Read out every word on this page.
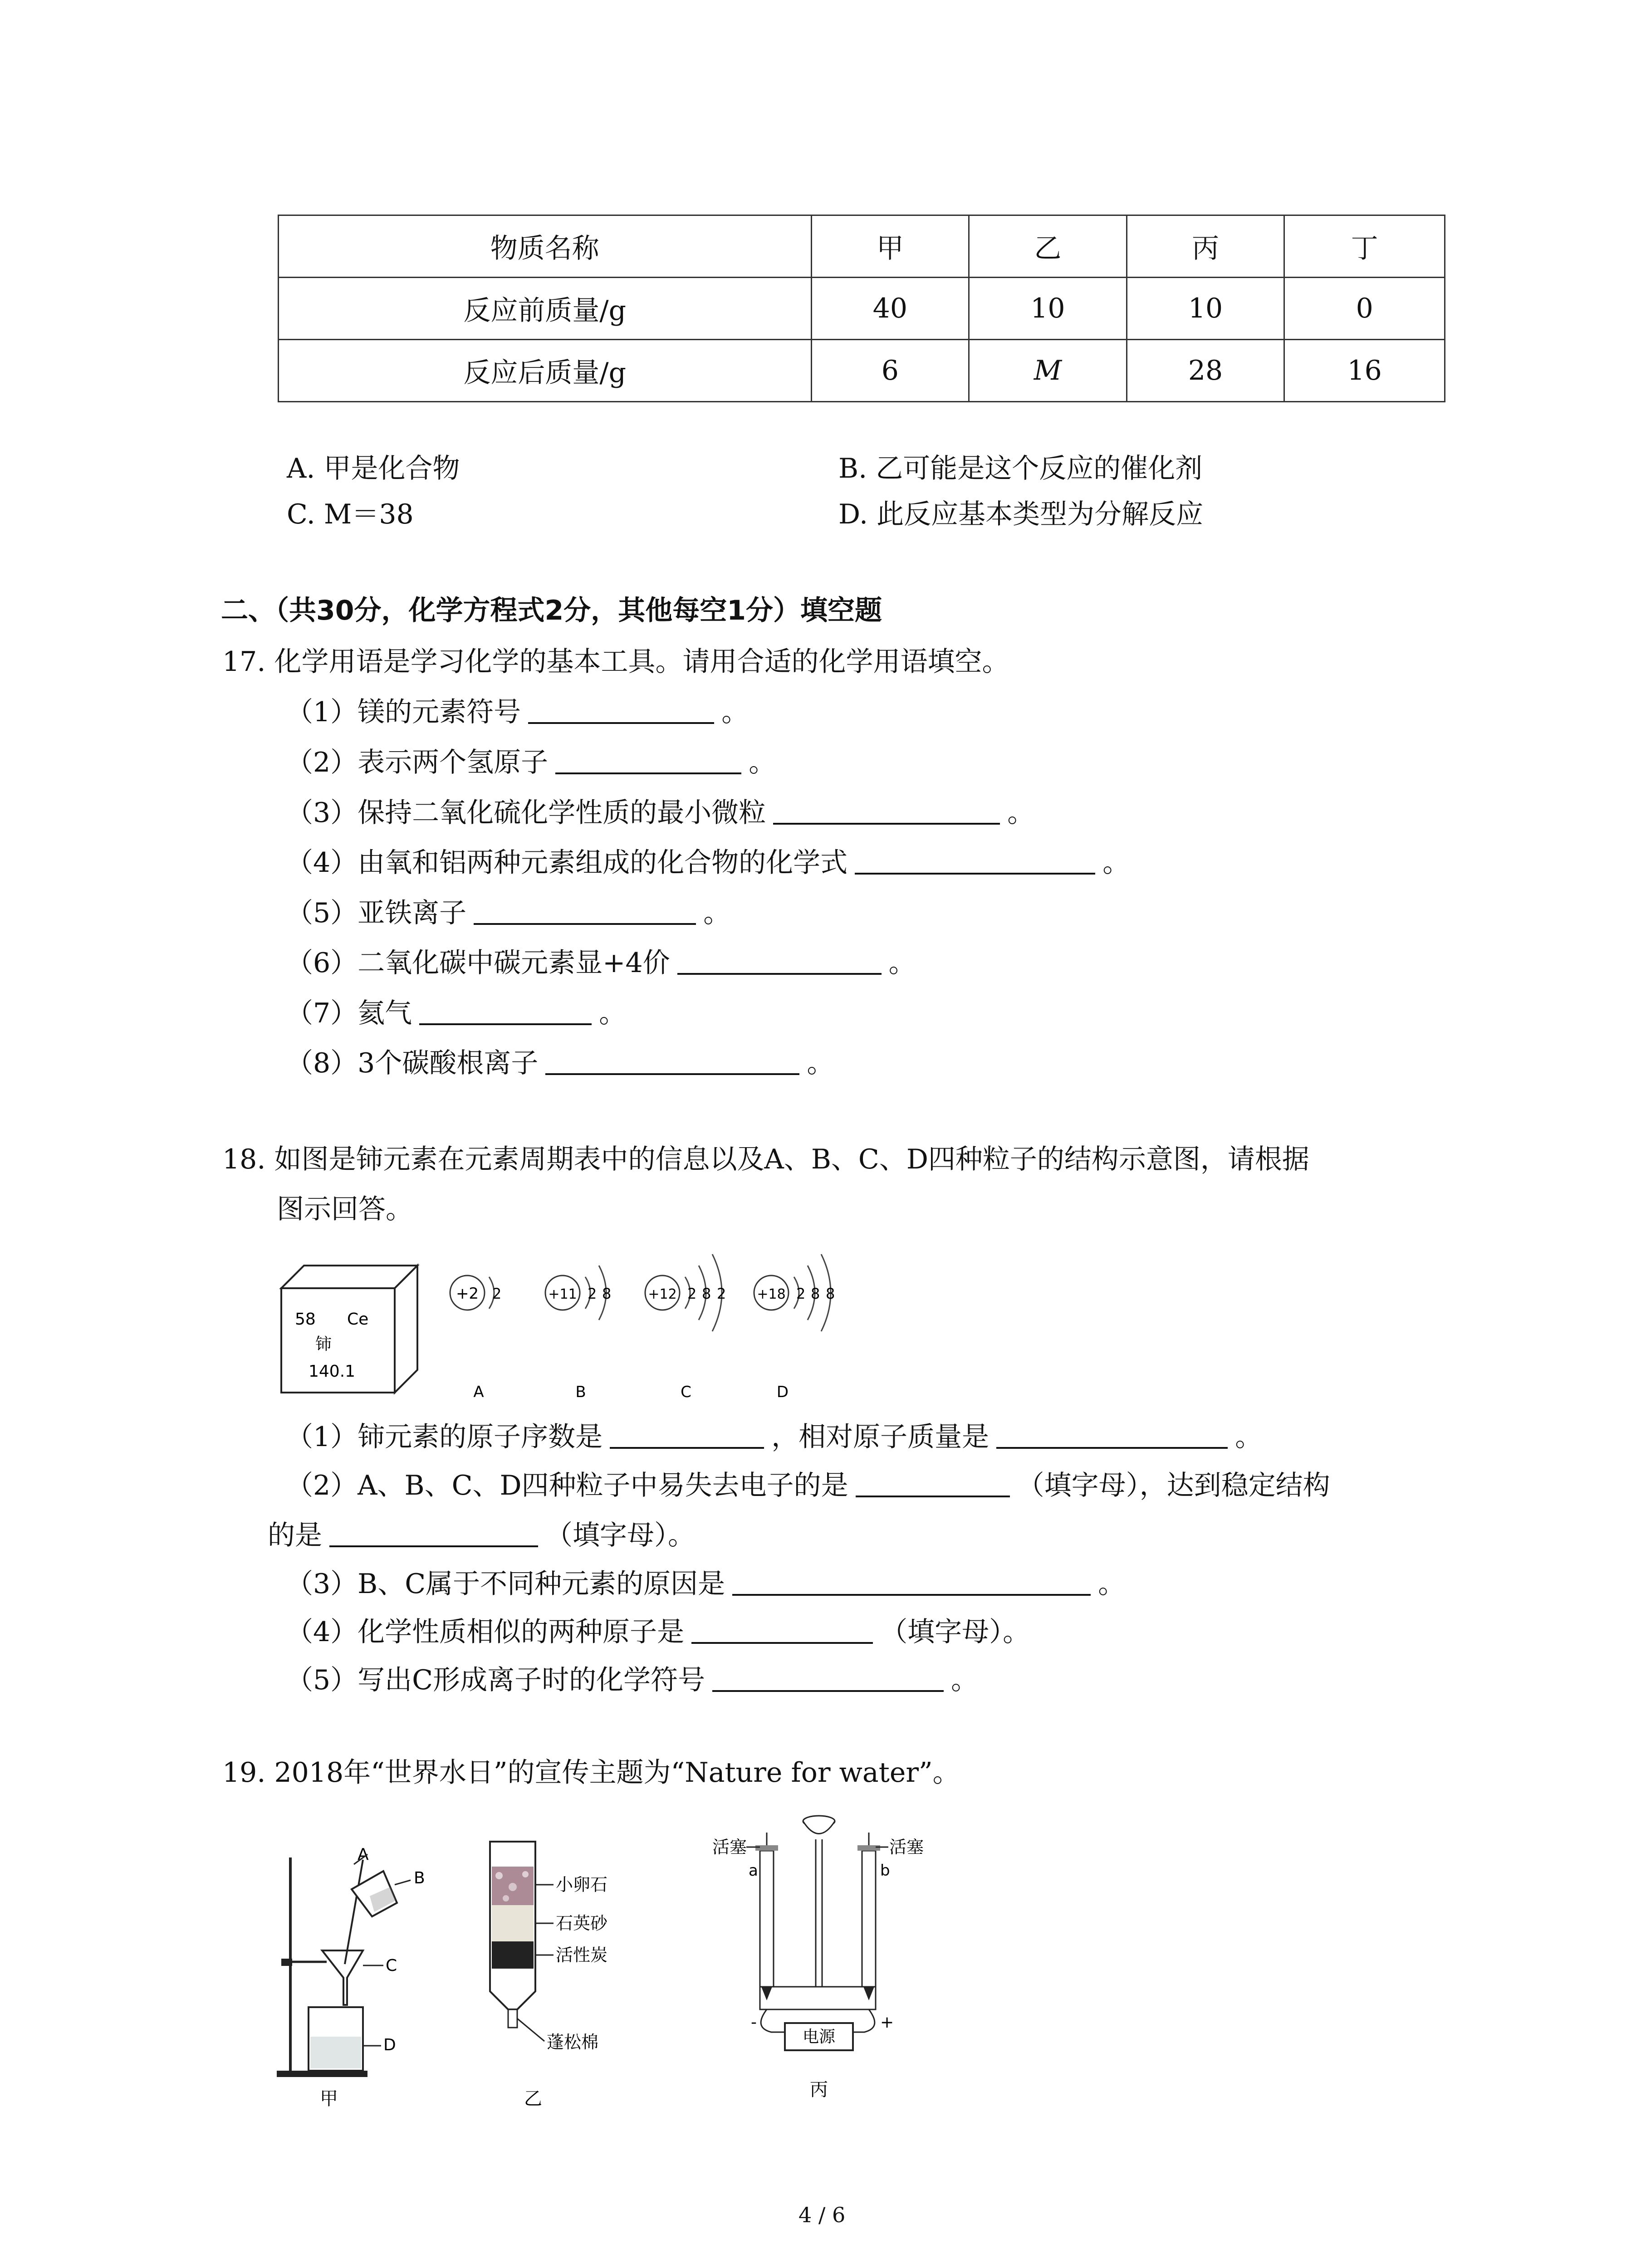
物质名称	甲	乙	丙	丁
反应前质量/g	40	10	10	0
反应后质量/g	6	M	28	16
A. 甲是化合物	B. 乙可能是这个反应的催化剂
C. M＝38	D. 此反应基本类型为分解反应
二、（共30分，化学方程式2分，其他每空1分）填空题
17. 化学用语是学习化学的基本工具。请用合适的化学用语填空。
（1）镁的元素符号	。
（2）表示两个氢原子	。
（3）保持二氧化硫化学性质的最小微粒	。
（4）由氧和铝两种元素组成的化合物的化学式	。
（5）亚铁离子	。
（6）二氧化碳中碳元素显+4价	。
（7）氦气	。
（8）3个碳酸根离子	。
18. 如图是铈元素在元素周期表中的信息以及A、B、C、D四种粒子的结构示意图，请根据
图示回答。
58 Ce
铈
140.1
+2 2
A
+11 2 8
B
+12 2 8 2
C
+18 2 8 8
D
（1）铈元素的原子序数是	，相对原子质量是	。
（2）A、B、C、D四种粒子中易失去电子的是	（填字母），达到稳定结构
的是	（填字母）。
（3）B、C属于不同种元素的原因是	。
（4）化学性质相似的两种原子是	（填字母）。
（5）写出C形成离子时的化学符号	。
19. 2018年“世界水日”的宣传主题为“Nature for water”。
A
B
C
D
甲
小卵石
石英砂
活性炭
蓬松棉
乙
电源
-	+
活塞	活塞
a	b
丙
4 / 6
